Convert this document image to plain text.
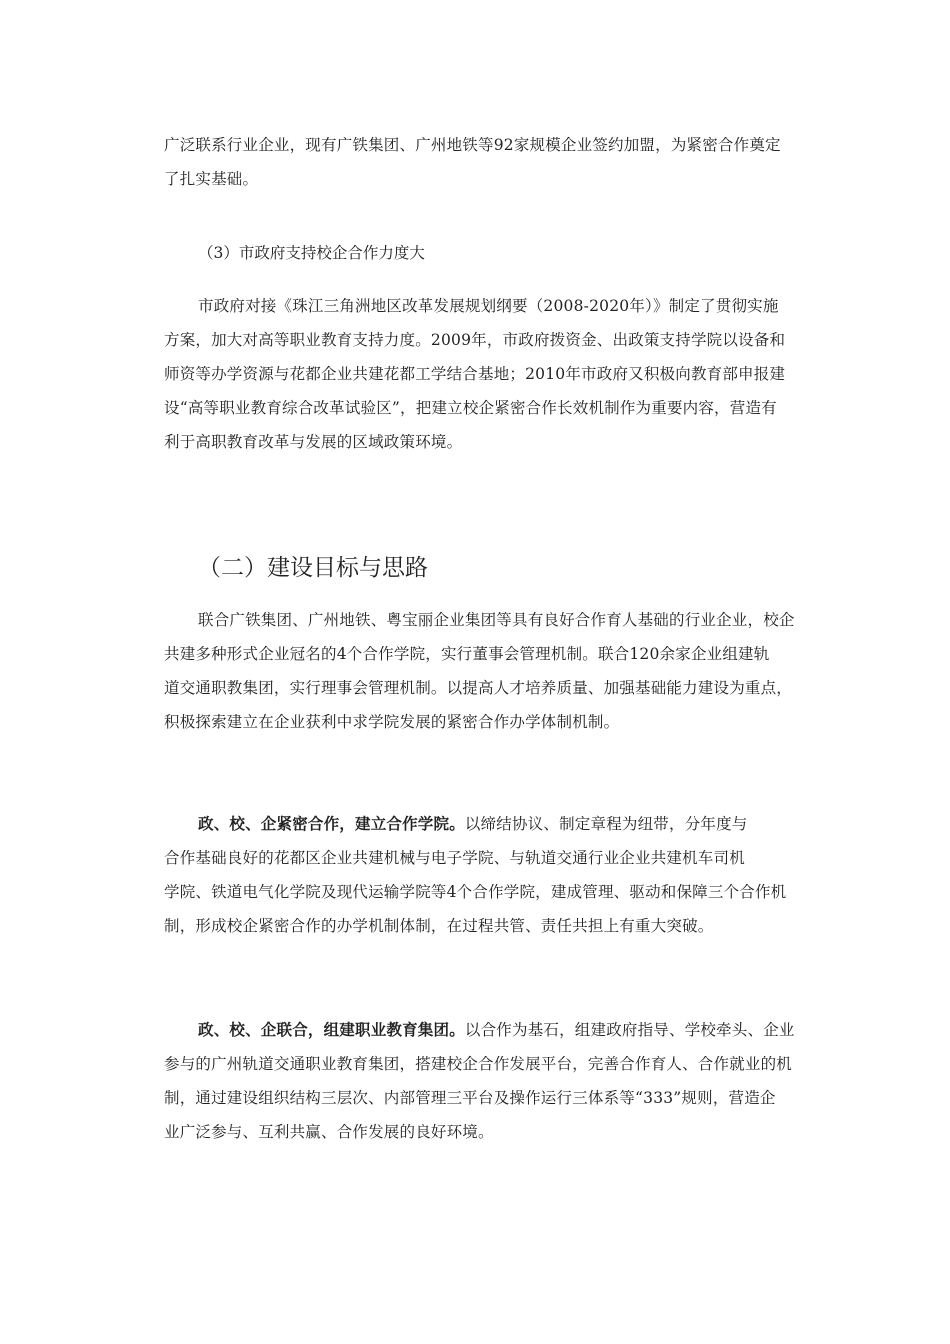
广泛联系行业企业，现有广铁集团、广州地铁等92家规模企业签约加盟，为紧密合作奠定
了扎实基础。

（3）市政府支持校企合作力度大

市政府对接《珠江三角洲地区改革发展规划纲要（2008-2020年）》制定了贯彻实施
方案，加大对高等职业教育支持力度。2009年，市政府拨资金、出政策支持学院以设备和
师资等办学资源与花都企业共建花都工学结合基地；2010年市政府又积极向教育部申报建
设“高等职业教育综合改革试验区”，把建立校企紧密合作长效机制作为重要内容，营造有
利于高职教育改革与发展的区域政策环境。

（二）建设目标与思路

联合广铁集团、广州地铁、粤宝丽企业集团等具有良好合作育人基础的行业企业，校企
共建多种形式企业冠名的4个合作学院，实行董事会管理机制。联合120余家企业组建轨
道交通职教集团，实行理事会管理机制。以提高人才培养质量、加强基础能力建设为重点，
积极探索建立在企业获利中求学院发展的紧密合作办学体制机制。

政、校、企紧密合作，建立合作学院。以缔结协议、制定章程为纽带，分年度与
合作基础良好的花都区企业共建机械与电子学院、与轨道交通行业企业共建机车司机
学院、铁道电气化学院及现代运输学院等4个合作学院，建成管理、驱动和保障三个合作机
制，形成校企紧密合作的办学机制体制，在过程共管、责任共担上有重大突破。

政、校、企联合，组建职业教育集团。以合作为基石，组建政府指导、学校牵头、企业
参与的广州轨道交通职业教育集团，搭建校企合作发展平台，完善合作育人、合作就业的机
制，通过建设组织结构三层次、内部管理三平台及操作运行三体系等“333”规则，营造企
业广泛参与、互利共赢、合作发展的良好环境。
